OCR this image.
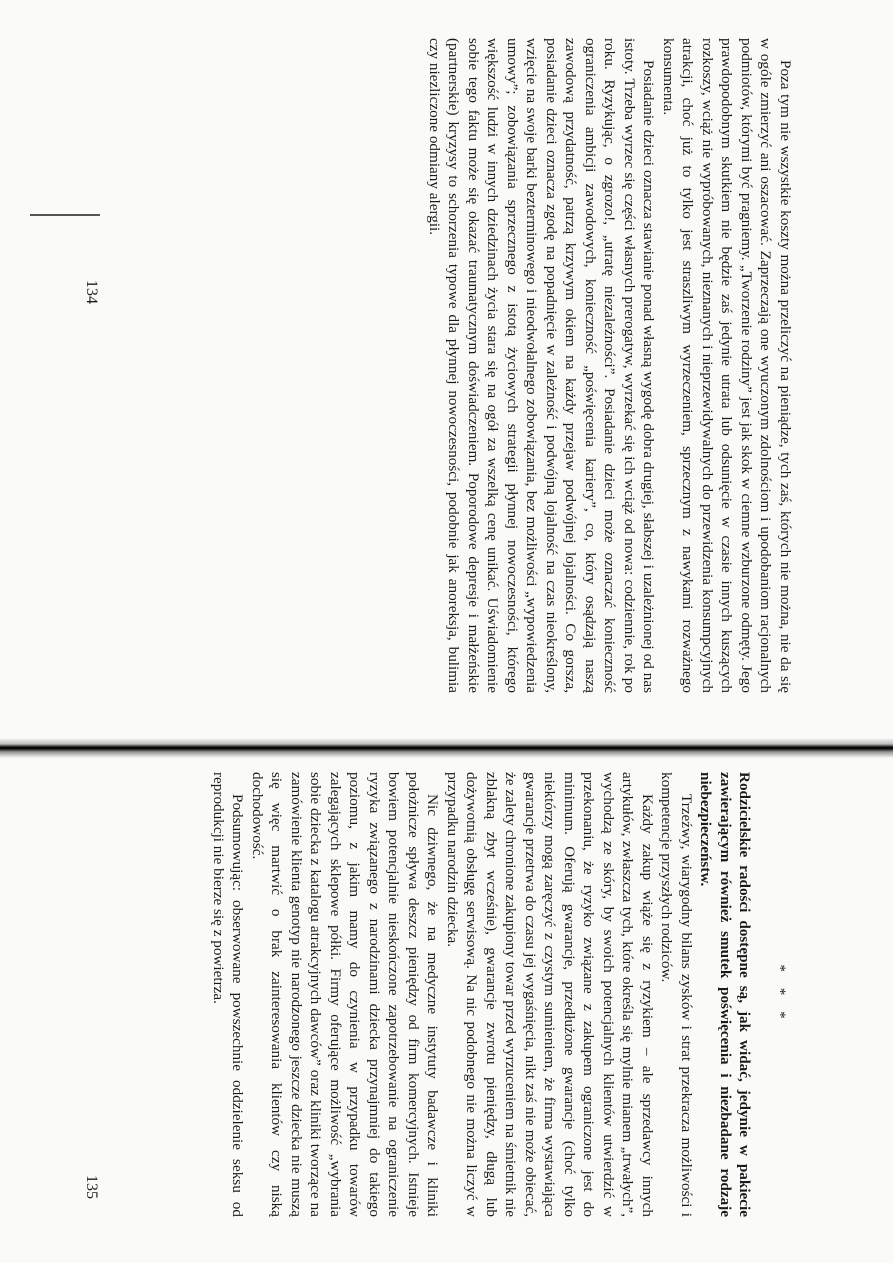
Poza tym nie wszystkie koszty można przeliczyć na pieniądze, tych zaś, których nie można, nie da się w ogóle zmierzyć ani oszacować. Zaprzeczają one wyuczonym zdolnościom i upodobaniom racjonalnych podmiotów, którymi być pragniemy. „Tworzenie rodziny” jest jak skok w ciemne wzburzone odmęty. Jego prawdopodobnym skutkiem nie będzie zaś jedynie utrata lub odsunięcie w czasie innych kuszących rozkoszy, wciąż nie wypróbowanych, nieznanych i nieprzewidywalnych do przewidzenia konsumpcyjnych atrakcji, choć już to tylko jest straszliwym wyrzeczeniem, sprzecznym z nawykami rozważnego konsumenta.

Posiadanie dzieci oznacza stawianie ponad własną wygodę dobra drugiej, słabszej i uzależnionej od nas istoty. Trzeba wyrzec się części własnych prerogatyw, wyrzekać się ich wciąż od nowa: codziennie, rok po roku. Ryzykując, o zgrozo!, „utratę niezależności”. Posiadanie dzieci może oznaczać konieczność ograniczenia ambicji zawodowych, konieczność „poświęcenia kariery”, co, który osądzają naszą zawodową przydatność, patrzą krzywym okiem na każdy przejaw podwójnej lojalności. Co gorsza, posiadanie dzieci oznacza zgodę na popadnięcie w zależność i podwójną lojalność na czas nieokreślony, wzięcie na swoje barki bezterminowego i nieodwołalnego zobowiązania, bez możliwości „wypowiedzenia umowy”; zobowiązania sprzecznego z istotą życiowych strategii płynnej nowoczesności, którego większość ludzi w innych dziedzinach życia stara się na ogół za wszelką cenę unikać. Uświadomienie sobie tego faktu może się okazać traumatycznym doświadczeniem. Poporodowe depresje i małżeńskie (partnerskie) kryzysy to schorzenia typowe dla płynnej nowoczesności, podobnie jak anoreksja, bulimia czy niezliczone odmiany alergii.

* * *

Rodzicielskie radości dostępne są, jak widać, jedynie w pakiecie zawierającym również smutek poświęcenia i niezbadane rodzaje niebezpieczeństw.

Trzeźwy, wiarygodny bilans zysków i strat przekracza możliwości i kompetencje przyszłych rodziców.

Każdy zakup wiąże się z ryzykiem – ale sprzedawcy innych artykułów, zwłaszcza tych, które określa się mylnie mianem „trwałych”, wychodzą ze skóry, by swoich potencjalnych klientów utwierdzić w przekonaniu, że ryzyko związane z zakupem ograniczone jest do minimum. Oferują gwarancje, przedłużone gwarancje (choć tylko niektórzy mogą zaręczyć z czystym sumieniem, że firma wystawiająca gwarancje przetrwa do czasu jej wygaśnięcia, nikt zaś nie może obiecać, że zalety chronione zakupiony towar przed wyrzuceniem na śmietnik nie zblakną zbyt wcześnie), gwarancje zwrotu pieniędzy, długą lub dożywotnią obsługę serwisową. Na nic podobnego nie można liczyć w przypadku narodzin dziecka.

Nic dziwnego, że na medyczne instytuty badawcze i kliniki położnicze spływa deszcz pieniędzy od firm komercyjnych. Istnieje bowiem potencjalnie nieskończone zapotrzebowanie na ograniczenie ryzyka związanego z narodzinami dziecka przynajmniej do takiego poziomu, z jakim mamy do czynienia w przypadku towarów zalegających sklepowe półki. Firmy oferujące możliwość „wybrania sobie dziecka z katalogu atrakcyjnych dawców” oraz kliniki tworzące na zamówienie klienta genotyp nie narodzonego jeszcze dziecka nie muszą się więc martwić o brak zainteresowania klientów czy niską dochodowość.

Podsumowując: obserwowane powszechnie oddzielenie seksu od reprodukcji nie bierze się z powietrza.

134
135
